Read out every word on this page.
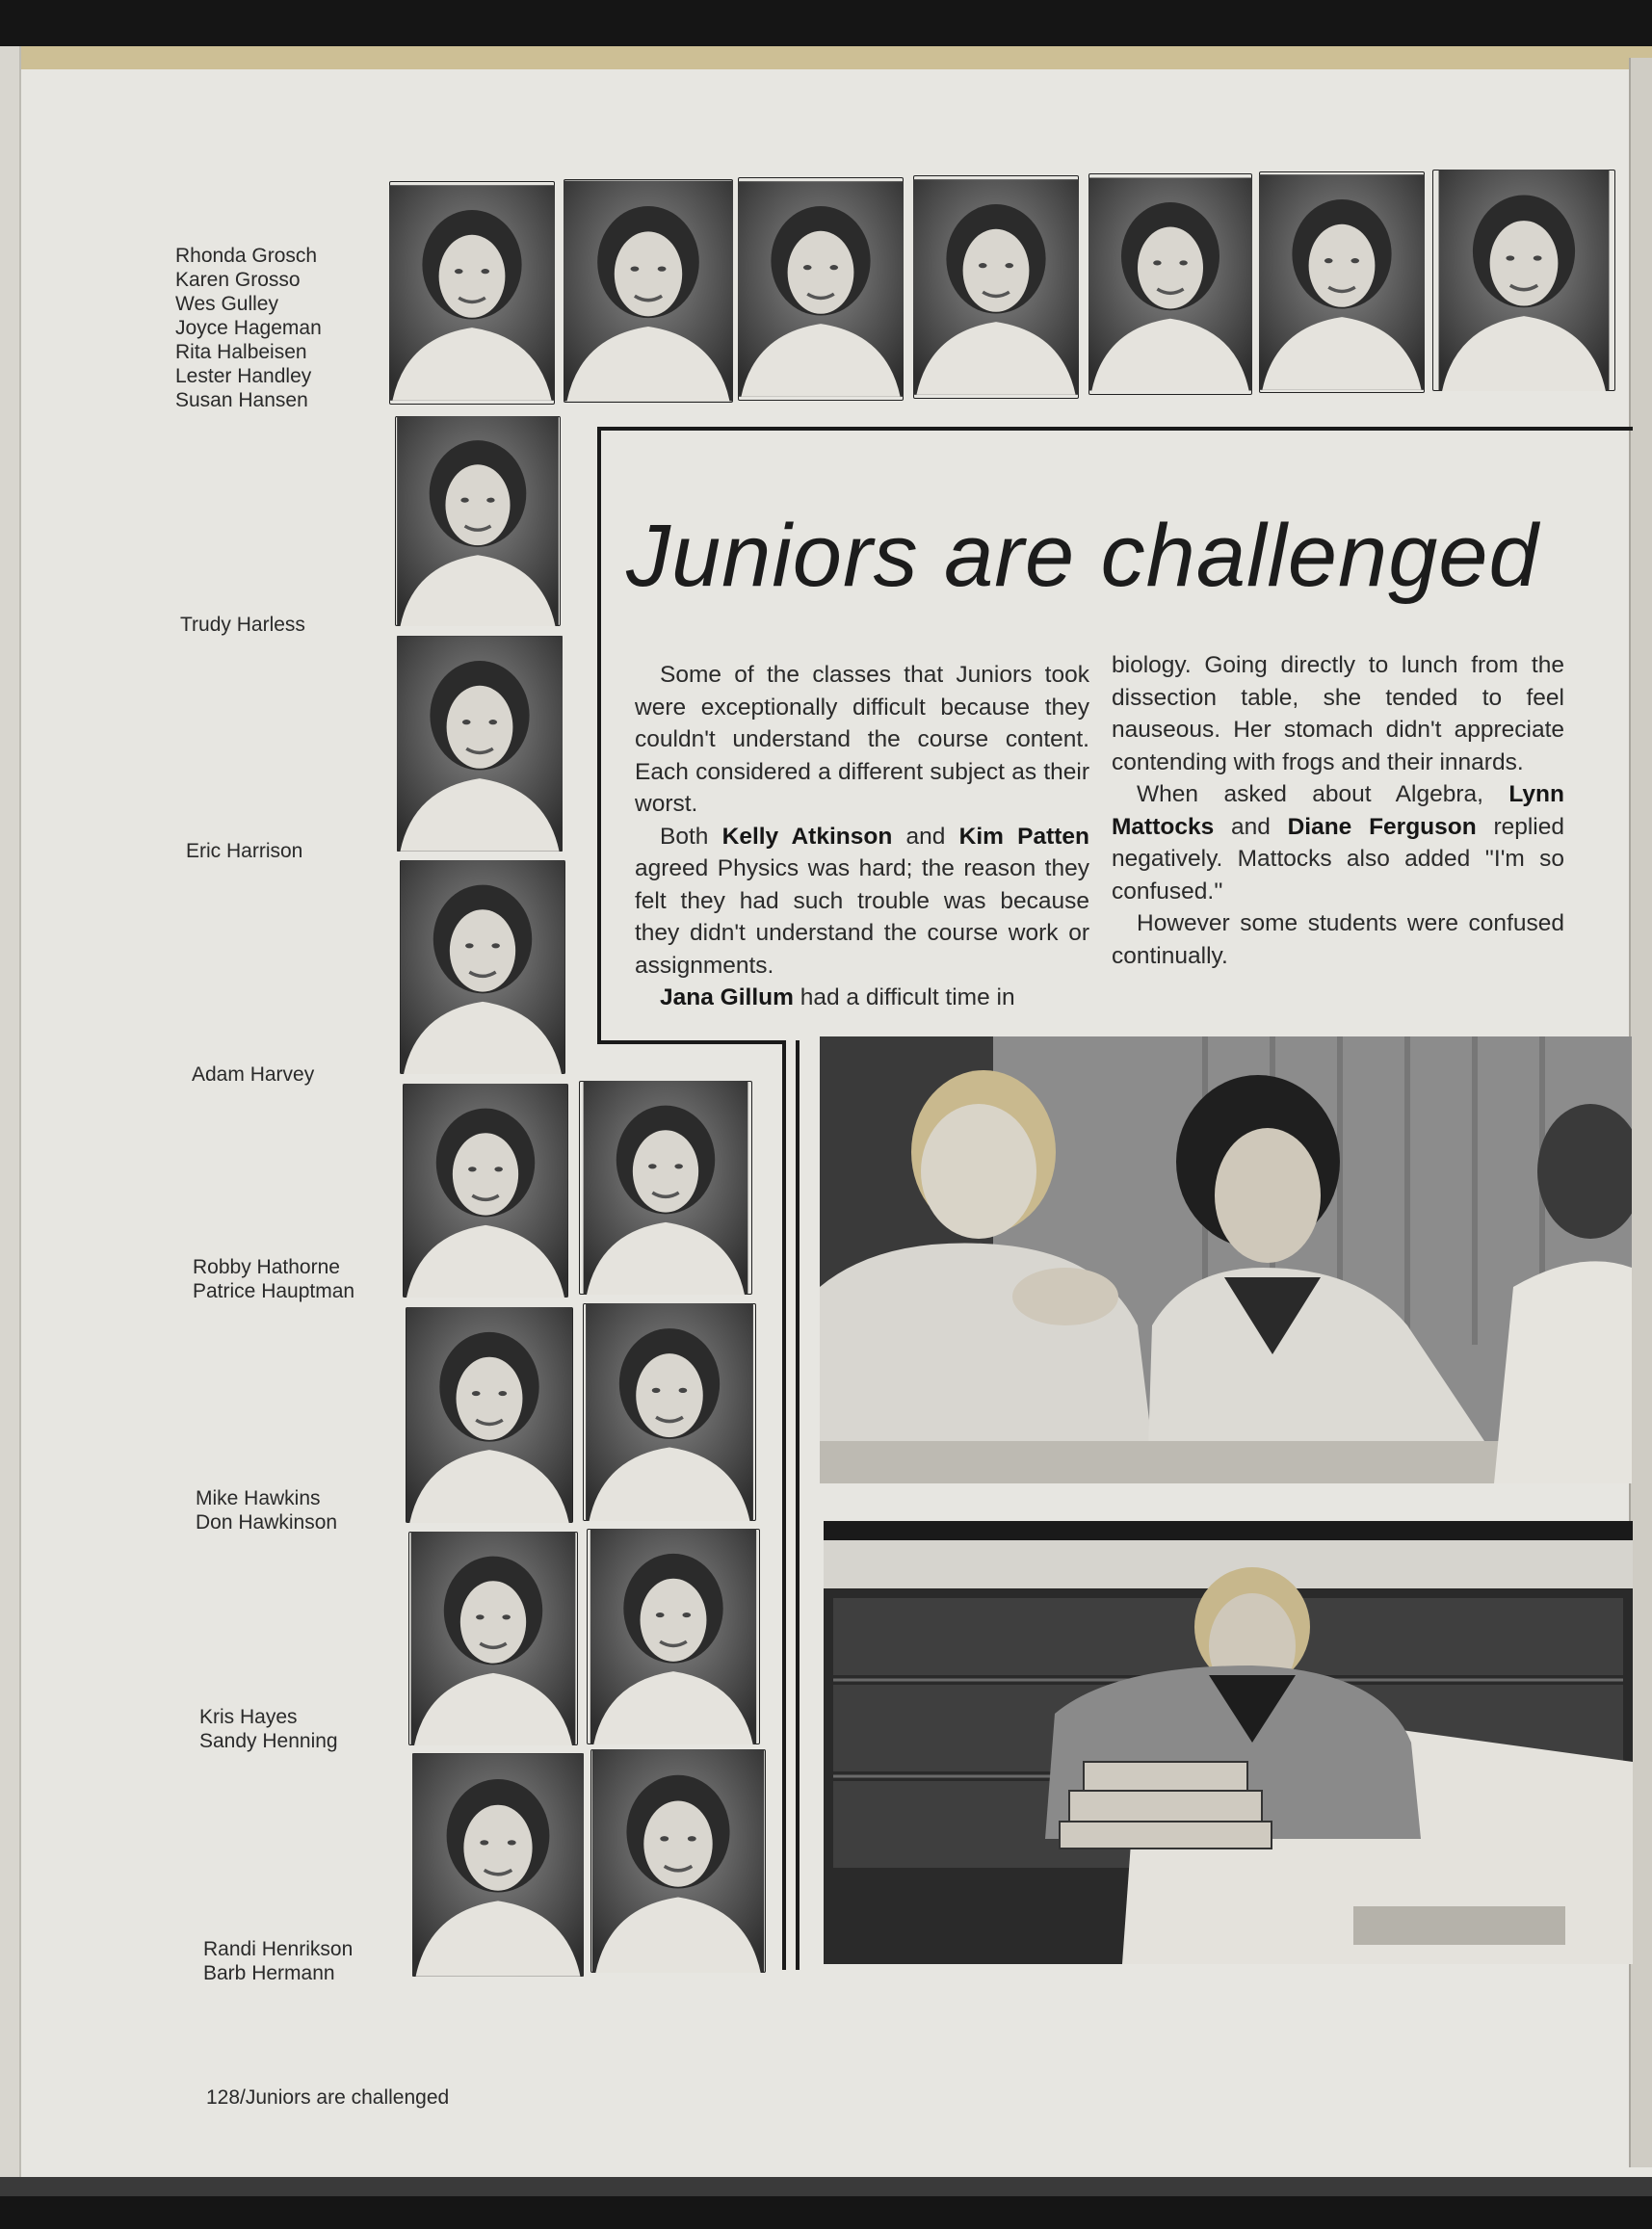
Rhonda Grosch
Karen Grosso
Wes Gulley
Joyce Hageman
Rita Halbeisen
Lester Handley
Susan Hansen
Trudy Harless
Eric Harrison
Adam Harvey
Robby Hathorne
Patrice Hauptman
Mike Hawkins
Don Hawkinson
Kris Hayes
Sandy Henning
Randi Henrikson
Barb Hermann
Juniors are challenged

Some of the classes that Juniors took were exceptionally difficult because they couldn't understand the course content. Each considered a different subject as their worst.

Both Kelly Atkinson and Kim Patten agreed Physics was hard; the reason they felt they had such trouble was because they didn't understand the course work or assignments.

Jana Gillum had a difficult time in

biology. Going directly to lunch from the dissection table, she tended to feel nauseous. Her stomach didn't appreciate contending with frogs and their innards.

When asked about Algebra, Lynn Mattocks and Diane Ferguson replied negatively. Mattocks also added ''I'm so confused.''

However some students were confused continually.

128/Juniors are challenged
